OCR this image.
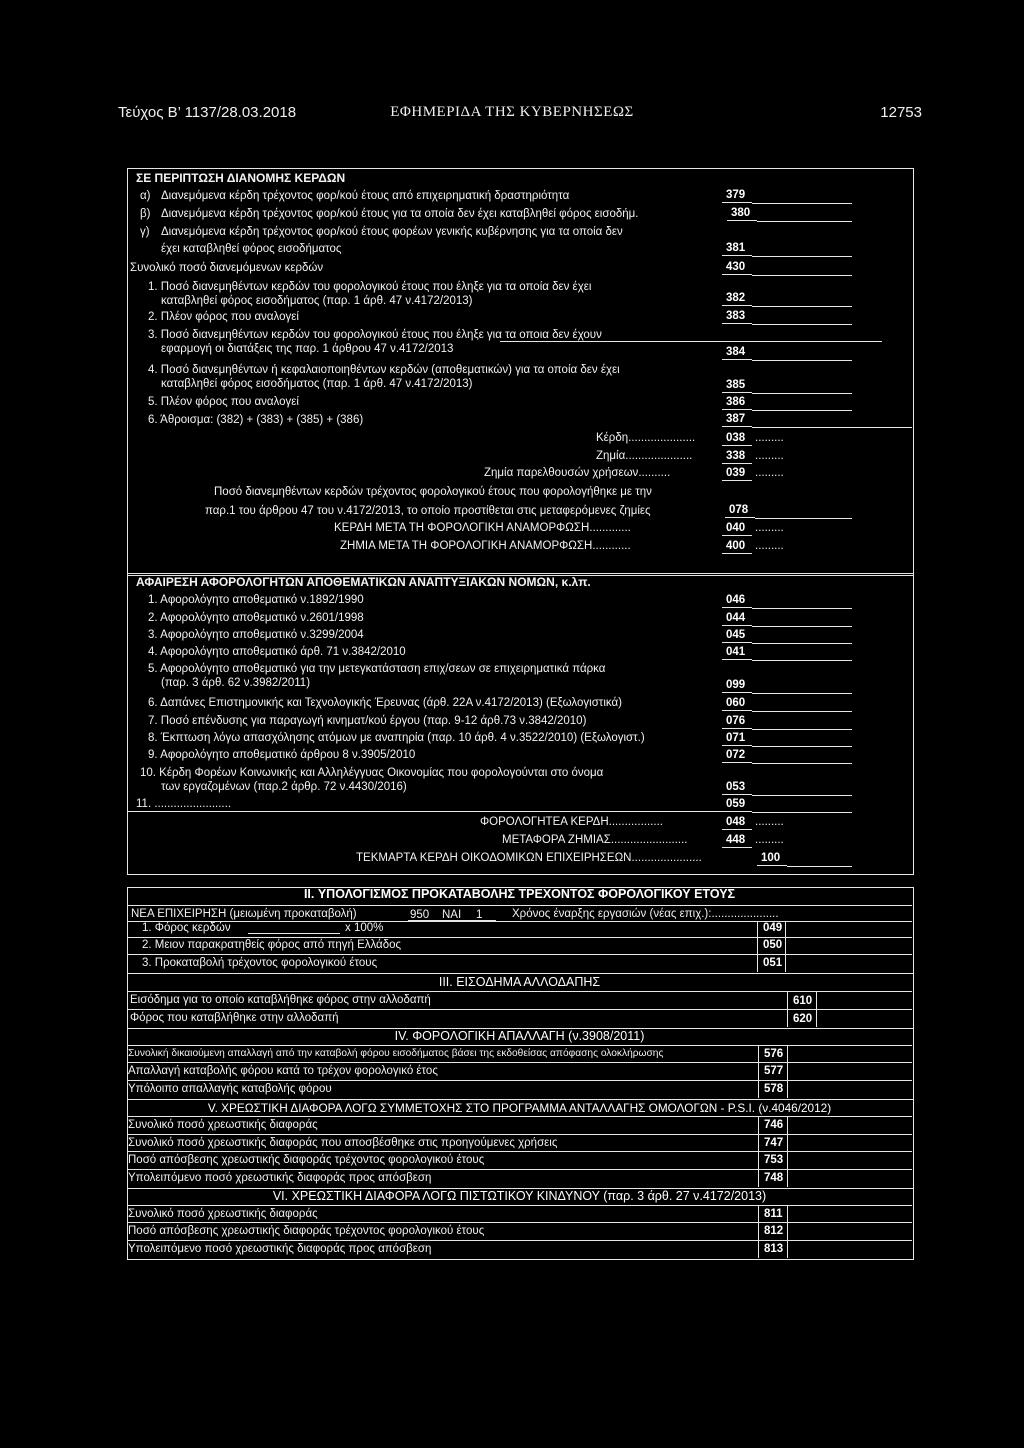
Τεύχος Β’ 1137/28.03.2018	ΕΦΗΜΕΡΙΔΑ ΤΗΣ ΚΥΒΕΡΝΗΣΕΩΣ	12753
ΣΕ ΠΕΡΙΠΤΩΣΗ ΔΙΑΝΟΜΗΣ ΚΕΡΔΩΝ
α) Διανεμόμενα κέρδη τρέχοντος φορ/κού έτους από επιχειρηματική δραστηριότητα	379
β) Διανεμόμενα κέρδη τρέχοντος φορ/κού έτους για τα οποία δεν έχει καταβληθεί φόρος εισοδήμ.	380
γ) Διανεμόμενα κέρδη τρέχοντος φορ/κού έτους φορέων γενικής κυβέρνησης για τα οποία δεν
έχει καταβληθεί φόρος εισοδήματος	381
Συνολικό ποσό διανεμόμενων κερδών	430
1. Ποσό διανεμηθέντων κερδών του φορολογικού έτους που έληξε για τα οποία δεν έχει
καταβληθεί φόρος εισοδήματος (παρ. 1 άρθ. 47 ν.4172/2013)	382
2. Πλέον φόρος που αναλογεί	383
3. Ποσό διανεμηθέντων κερδών του φορολογικού έτους που έληξε για τα οποια δεν έχουν
εφαρμογή οι διατάξεις της παρ. 1 άρθρου 47 ν.4172/2013	384
4. Ποσό διανεμηθέντων ή κεφαλαιοποιηθέντων κερδών (αποθεματικών) για τα οποία δεν έχει
καταβληθεί φόρος εισοδήματος (παρ. 1 άρθ. 47 ν.4172/2013)	385
5. Πλέον φόρος που αναλογεί	386
6. Άθροισμα: (382) + (383) + (385) + (386)	387
Κέρδη.....................	038 .........
Ζημία.....................	338 .........
Ζημία παρελθουσών χρήσεων..........	039 .........
Ποσό διανεμηθέντων κερδών τρέχοντος φορολογικού έτους που φορολογήθηκε με την
παρ.1 του άρθρου 47 του ν.4172/2013, το οποίο προστίθεται στις μεταφερόμενες ζημίες	078
ΚΕΡΔΗ ΜΕΤΑ ΤΗ ΦΟΡΟΛΟΓΙΚΗ ΑΝΑΜΟΡΦΩΣΗ.............	040 .........
ΖΗΜΙΑ ΜΕΤΑ ΤΗ ΦΟΡΟΛΟΓΙΚΗ ΑΝΑΜΟΡΦΩΣΗ............	400 .........
ΑΦΑΙΡΕΣΗ ΑΦΟΡΟΛΟΓΗΤΩΝ ΑΠΟΘΕΜΑΤΙΚΩΝ ΑΝΑΠΤΥΞΙΑΚΩΝ ΝΟΜΩΝ, κ.λπ.
1. Αφορολόγητο αποθεματικό ν.1892/1990	046
2. Αφορολόγητο αποθεματικό ν.2601/1998	044
3. Αφορολόγητο αποθεματικό ν.3299/2004	045
4. Αφορολόγητο αποθεματικό άρθ. 71 ν.3842/2010	041
5. Αφορολόγητο αποθεματικό για την μετεγκατάσταση επιχ/σεων σε επιχειρηματικά πάρκα
(παρ. 3 άρθ. 62 ν.3982/2011)	099
6. Δαπάνες Επιστημονικής και Τεχνολογικής Έρευνας (άρθ. 22Α ν.4172/2013) (Εξωλογιστικά)	060
7. Ποσό επένδυσης για παραγωγή κινηματ/κού έργου (παρ. 9-12 άρθ.73 ν.3842/2010)	076
8. Έκπτωση λόγω απασχόλησης ατόμων με αναπηρία (παρ. 10 άρθ. 4 ν.3522/2010) (Εξωλογιστ.)	071
9. Αφορολόγητο αποθεματικό άρθρου 8 ν.3905/2010	072
10. Κέρδη Φορέων Κοινωνικής και Αλληλέγγυας Οικονομίας που φορολογούνται στο όνομα
των εργαζομένων (παρ.2 άρθρ. 72 ν.4430/2016)	053
11. ........................	059
ΦΟΡΟΛΟΓΗΤΕΑ ΚΕΡΔΗ.................	048 .........
ΜΕΤΑΦΟΡΑ ΖΗΜΙΑΣ........................	448 .........
ΤΕΚΜΑΡΤΑ ΚΕΡΔΗ ΟΙΚΟΔΟΜΙΚΩΝ ΕΠΙΧΕΙΡΗΣΕΩΝ......................	100
II. ΥΠΟΛΟΓΙΣΜΟΣ ΠΡΟΚΑΤΑΒΟΛΗΣ ΤΡΕΧΟΝΤΟΣ ΦΟΡΟΛΟΓΙΚΟΥ ΕΤΟΥΣ
ΝΕΑ ΕΠΙΧΕΙΡΗΣΗ (μειωμένη προκαταβολή)	950 ΝΑΙ 1	Χρόνος έναρξης εργασιών (νέας επιχ.):.....................
1. Φόρος κερδών	x 100%	049
2. Μειον παρακρατηθείς φόρος από πηγή Ελλάδος	050
3. Προκαταβολή τρέχοντος φορολογικού έτους	051
III. ΕΙΣΟΔΗΜΑ ΑΛΛΟΔΑΠΗΣ
Εισόδημα για το οποίο καταβλήθηκε φόρος στην αλλοδαπή	610
Φόρος που καταβλήθηκε στην αλλοδαπή	620
IV. ΦΟΡΟΛΟΓΙΚΗ ΑΠΑΛΛΑΓΗ (ν.3908/2011)
Συνολική δικαιούμενη απαλλαγή από την καταβολή φόρου εισοδήματος βάσει της εκδοθείσας απόφασης ολοκλήρωσης	576
Απαλλαγή καταβολής φόρου κατά το τρέχον φορολογικό έτος	577
Υπόλοιπο απαλλαγής καταβολής φόρου	578
V. ΧΡΕΩΣΤΙΚΗ ΔΙΑΦΟΡΑ ΛΟΓΩ ΣΥΜΜΕΤΟΧΗΣ ΣΤΟ ΠΡΟΓΡΑΜΜΑ ΑΝΤΑΛΛΑΓΗΣ ΟΜΟΛΟΓΩΝ - P.S.I. (ν.4046/2012)
Συνολικό ποσό χρεωστικής διαφοράς	746
Συνολικό ποσό χρεωστικής διαφοράς που αποσβέσθηκε στις προηγούμενες χρήσεις	747
Ποσό απόσβεσης χρεωστικής διαφοράς τρέχοντος φορολογικού έτους	753
Υπολειπόμενο ποσό χρεωστικής διαφοράς προς απόσβεση	748
VI. ΧΡΕΩΣΤΙΚΗ ΔΙΑΦΟΡΑ ΛΟΓΩ ΠΙΣΤΩΤΙΚΟΥ ΚΙΝΔΥΝΟΥ (παρ. 3 άρθ. 27 ν.4172/2013)
Συνολικό ποσό χρεωστικής διαφοράς	811
Ποσό απόσβεσης χρεωστικής διαφοράς τρέχοντος φορολογικού έτους	812
Υπολειπόμενο ποσό χρεωστικής διαφοράς προς απόσβεση	813
